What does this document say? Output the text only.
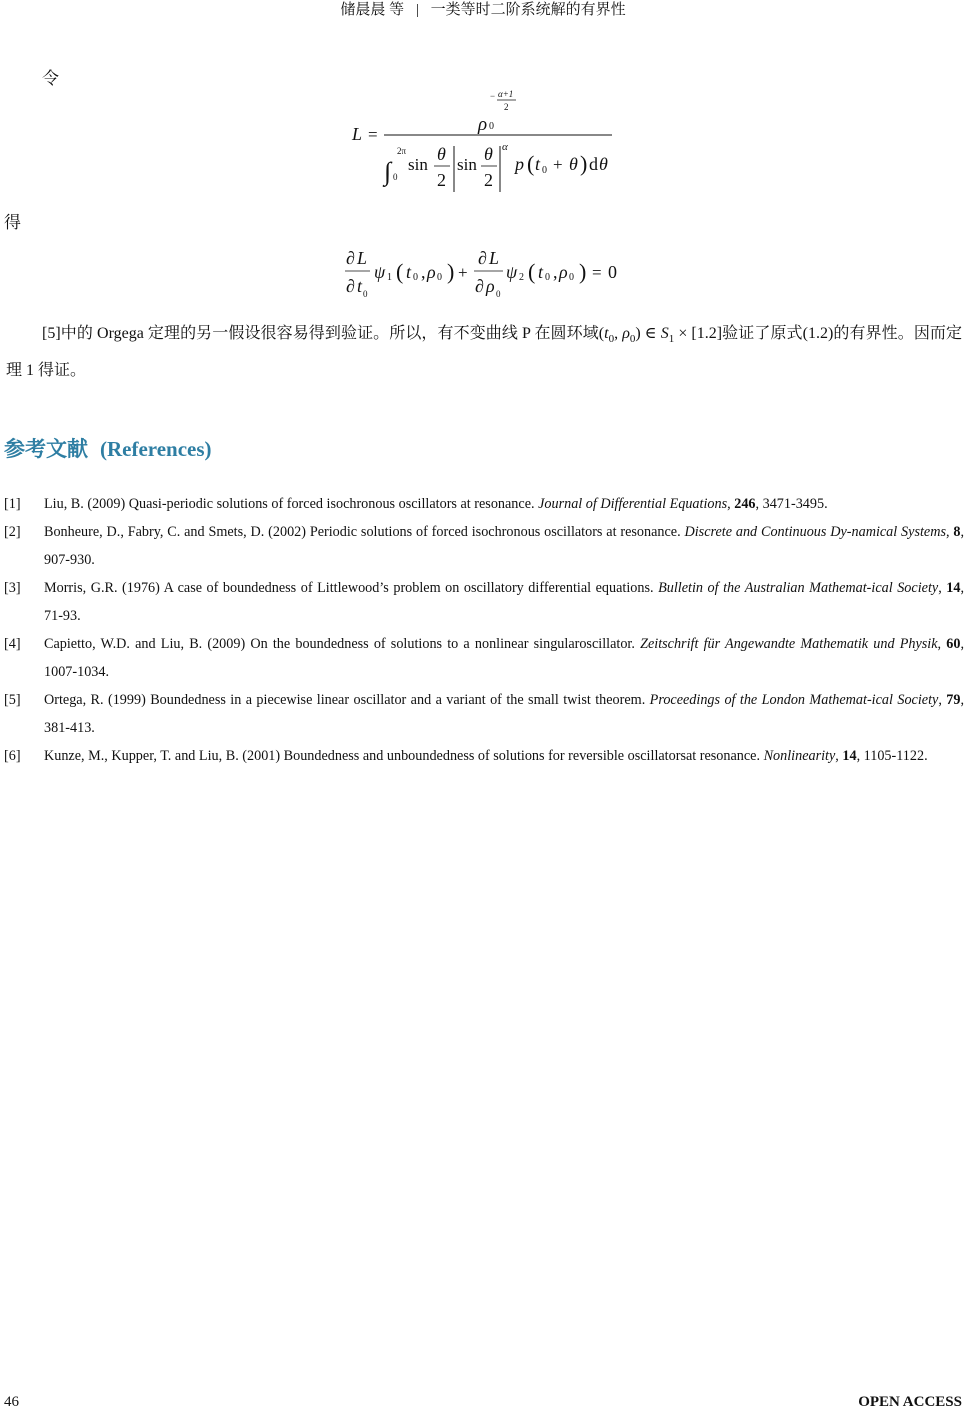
储晨晨 等 | 一类等时二阶系统解的有界性
令
L =
− α+1
2
ρ 0
∫
2π
0
sin
θ
2
sin
θ
2
α
p ( t 0 + θ ) d θ
得
∂ L
∂ t 0
ψ 1 ( t 0 , ρ 0 ) +
∂ L
∂ ρ 0
ψ 2 ( t 0 , ρ 0 ) = 0
[5]中的 Orgega 定理的另一假设很容易得到验证。所以，有不变曲线 P 在圆环域($t_0$, $\rho_0$) ∈ $S_1 \times [1.2]$验证了原式(1.2)的有界性。因而定理 1 得证。
参考文献 (References)
[1] Liu, B. (2009) Quasi-periodic solutions of forced isochronous oscillators at resonance. Journal of Differential Equations, 246, 3471-3495.
[2] Bonheure, D., Fabry, C. and Smets, D. (2002) Periodic solutions of forced isochronous oscillators at resonance. Discrete and Continuous Dy-namical Systems, 8, 907-930.
[3] Morris, G.R. (1976) A case of boundedness of Littlewood’s problem on oscillatory differential equations. Bulletin of the Australian Mathemat-ical Society, 14, 71-93.
[4] Capietto, W.D. and Liu, B. (2009) On the boundedness of solutions to a nonlinear singularoscillator. Zeitschrift für Angewandte Mathematik und Physik, 60, 1007-1034.
[5] Ortega, R. (1999) Boundedness in a piecewise linear oscillator and a variant of the small twist theorem. Proceedings of the London Mathemat-ical Society, 79, 381-413.
[6] Kunze, M., Kupper, T. and Liu, B. (2001) Boundedness and unboundedness of solutions for reversible oscillatorsat resonance. Nonlinearity, 14, 1105-1122.
46	OPEN ACCESS
